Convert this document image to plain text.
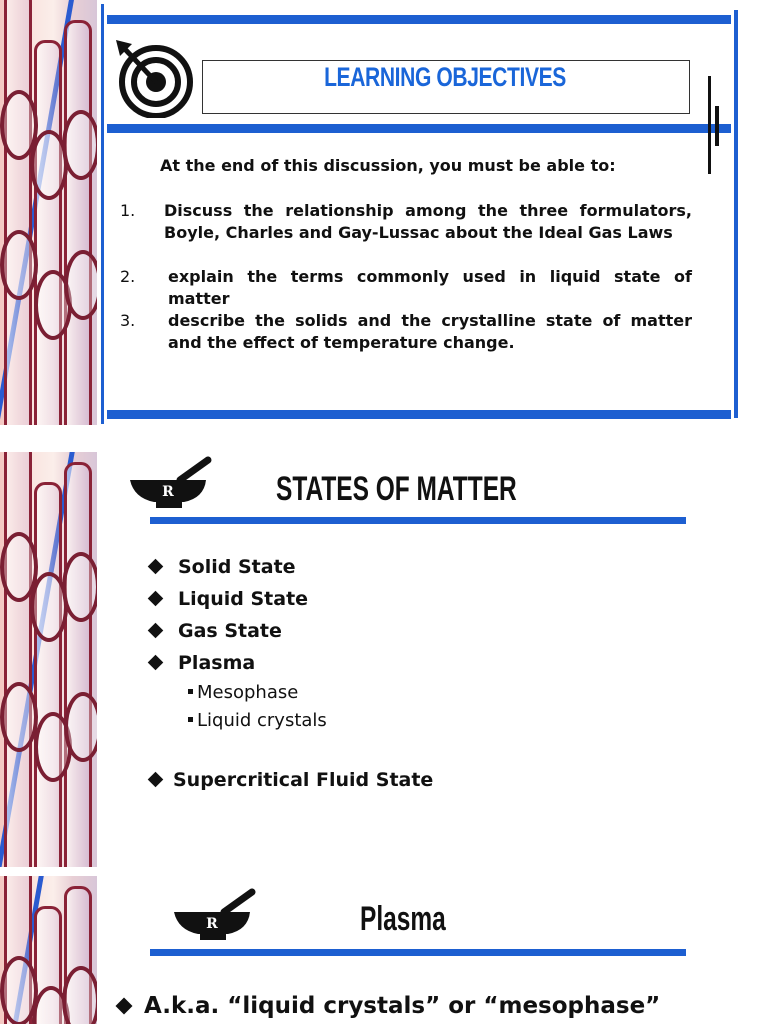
LEARNING OBJECTIVES
At the end of this discussion, you must be able to:
1. Discuss the relationship among the three formulators, Boyle, Charles and Gay-Lussac about the Ideal Gas Laws
2. explain the terms commonly used in liquid state of matter
3. describe the solids and the crystalline state of matter and the effect of temperature change.
R	STATES OF MATTER
Solid State
Liquid State
Gas State
Plasma
Mesophase
Liquid crystals
Supercritical Fluid State
R	Plasma
A.k.a. “liquid crystals” or “mesophase”
